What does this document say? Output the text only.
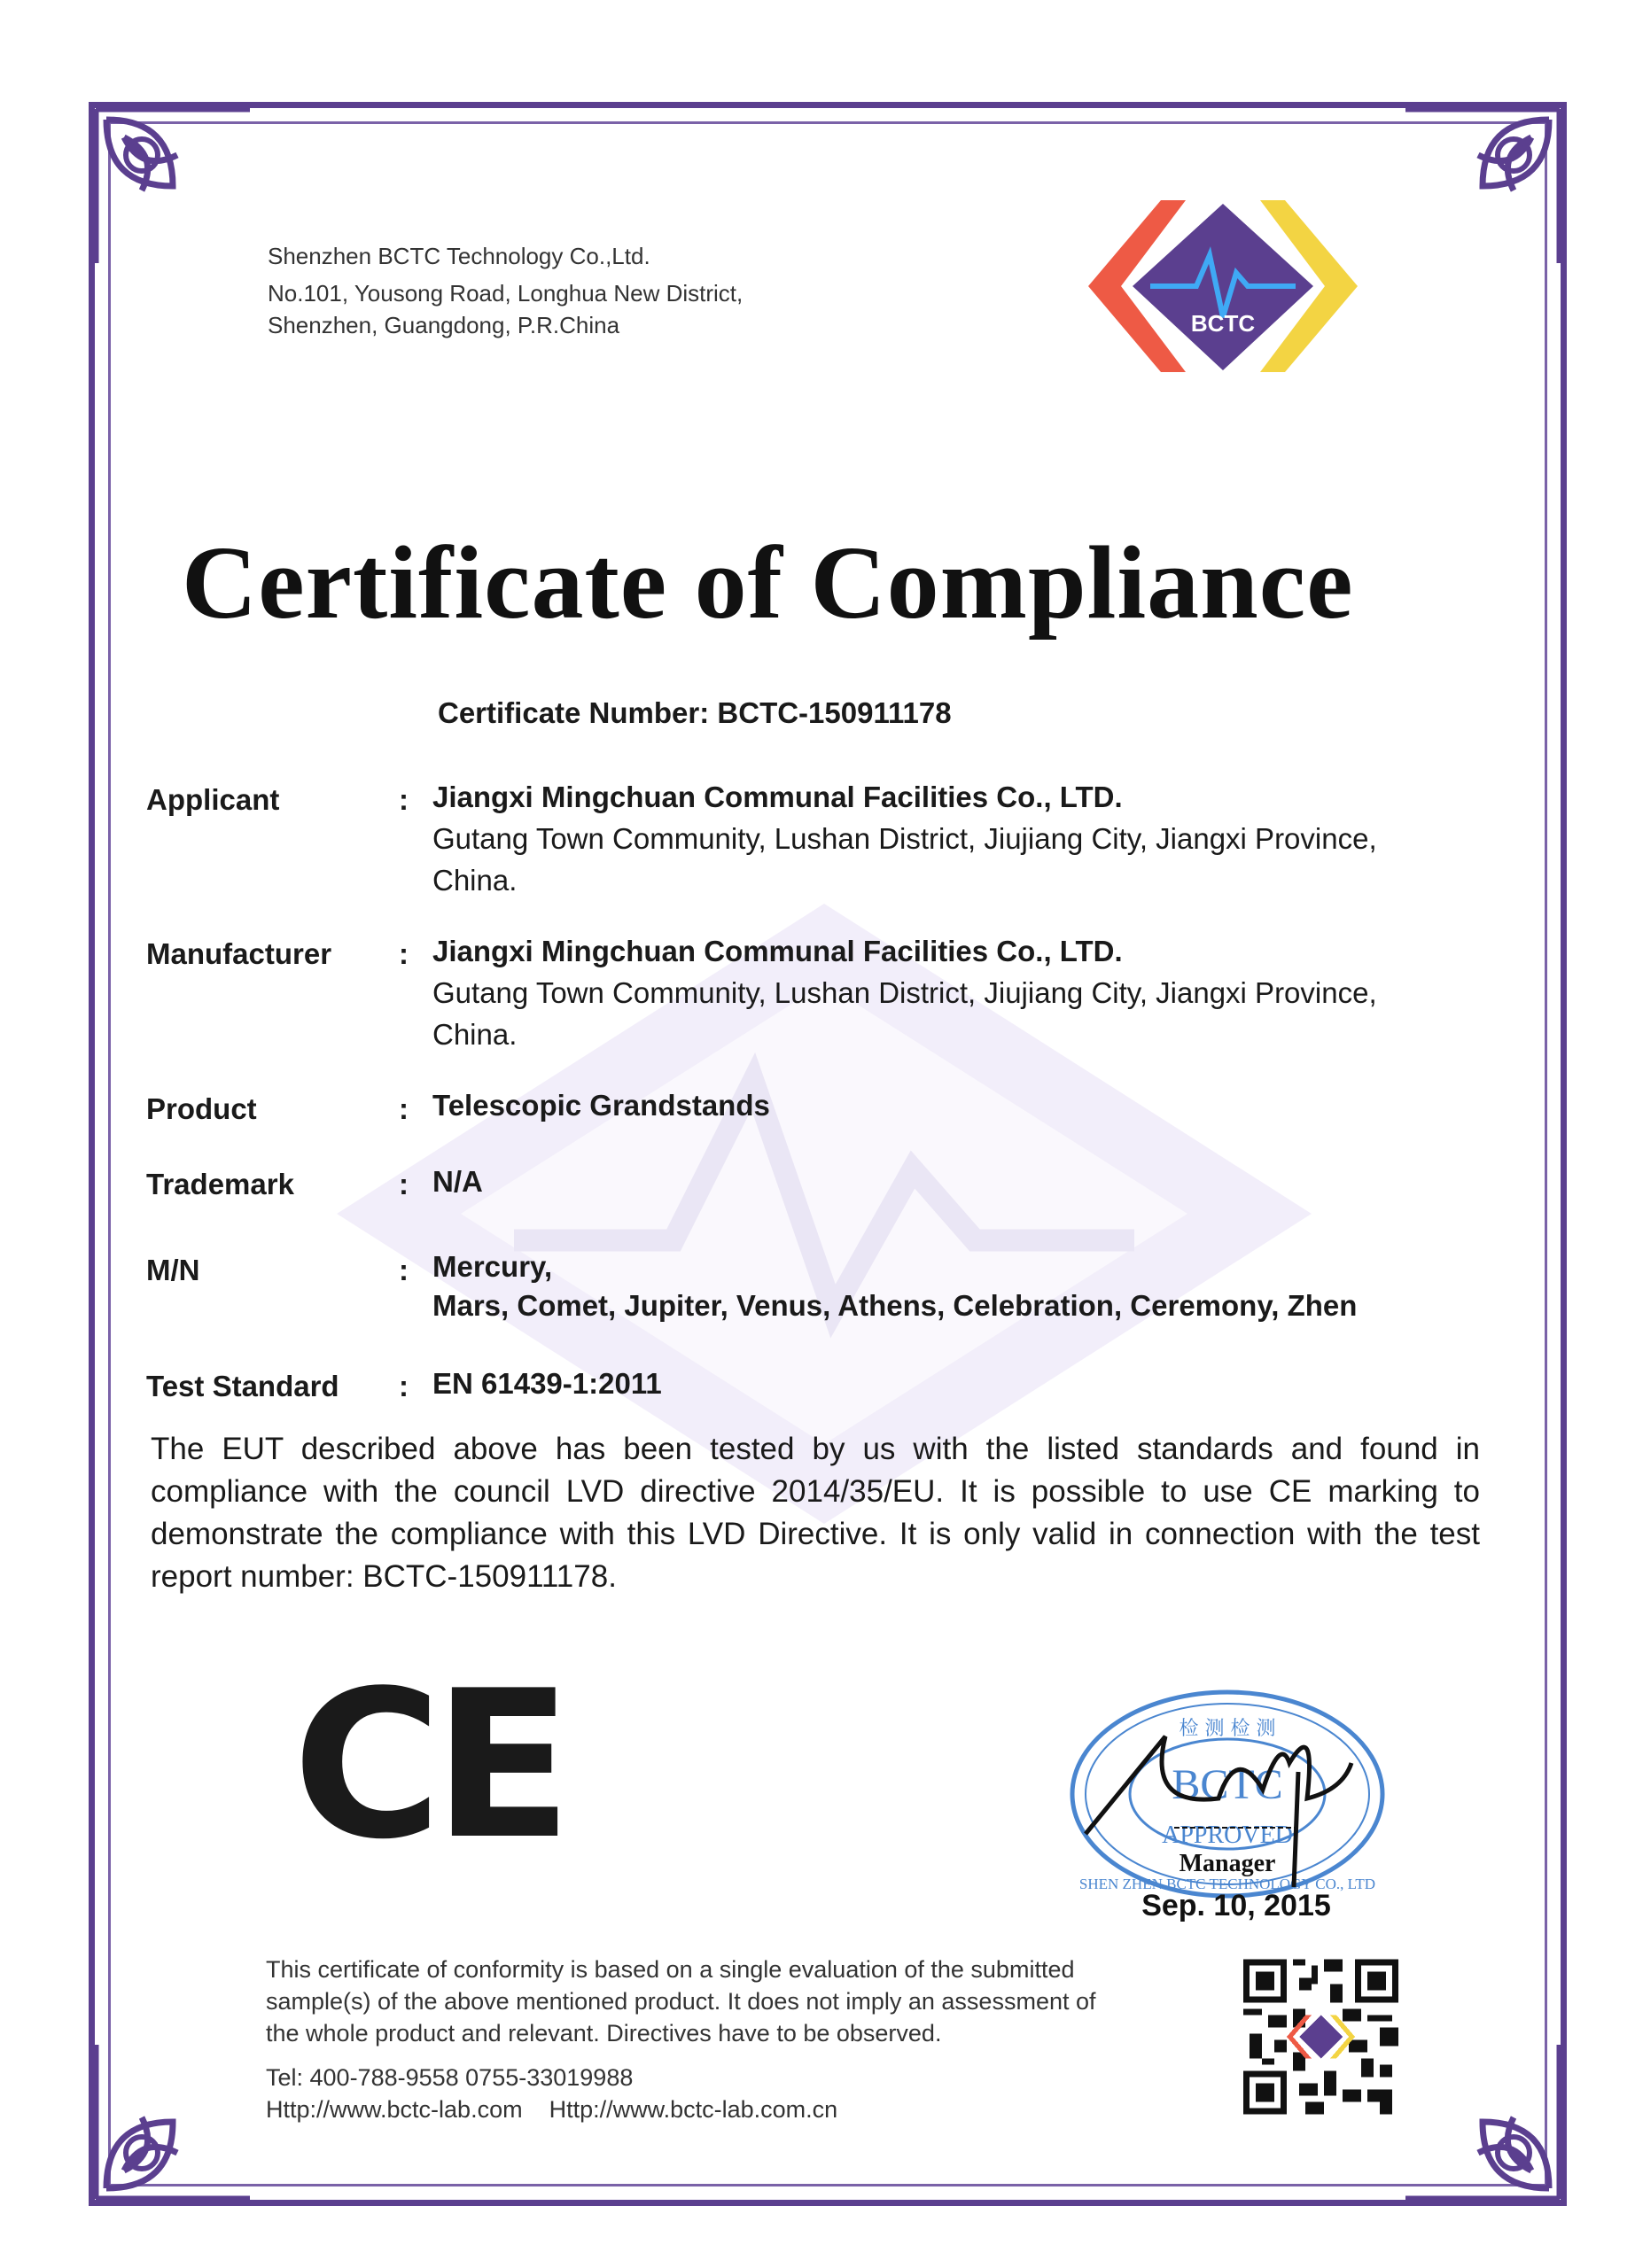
Shenzhen BCTC Technology Co.,Ltd.
No.101, Yousong Road, Longhua New District,
Shenzhen, Guangdong, P.R.China	BCTC
Certificate of Compliance
Certificate Number: BCTC-150911178
Applicant	: Jiangxi Mingchuan Communal Facilities Co., LTD.
Gutang Town Community, Lushan District, Jiujiang City, Jiangxi Province,
China.
Manufacturer : Jiangxi Mingchuan Communal Facilities Co., LTD.
Gutang Town Community, Lushan District, Jiujiang City, Jiangxi Province,
China.
Product	: Telescopic Grandstands
Trademark	: N/A
M/N	: Mercury,
Mars, Comet, Jupiter, Venus, Athens, Celebration, Ceremony, Zhen
Test Standard : EN 61439-1:2011
The EUT described above has been tested by us with the listed standards and found in compliance with the council LVD directive 2014/35/EU. It is possible to use CE marking to demonstrate the compliance with this LVD Directive. It is only valid in connection with the test report number: BCTC-150911178.
CE	检 测 检 测
BCTC
APPROVED
SHEN ZHEN BCTC TECHNOLOGY CO., LTD
Manager
Sep. 10, 2015
This certificate of conformity is based on a single evaluation of the submitted
sample(s) of the above mentioned product. It does not imply an assessment of
the whole product and relevant. Directives have to be observed.
Tel: 400-788-9558 0755-33019988
Http://www.bctc-lab.com Http://www.bctc-lab.com.cn
